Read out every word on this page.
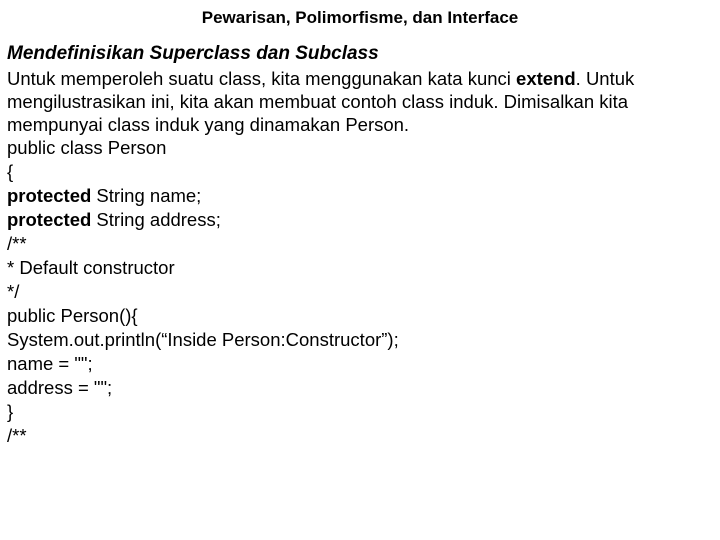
Pewarisan, Polimorfisme, dan Interface
Mendefinisikan Superclass dan Subclass
Untuk memperoleh suatu class, kita menggunakan kata kunci extend. Untuk
mengilustrasikan ini, kita akan membuat contoh class induk. Dimisalkan kita
mempunyai class induk yang dinamakan Person.
public class Person
{
protected String name;
protected String address;
/**
* Default constructor
*/
public Person(){
System.out.println(“Inside Person:Constructor”);
name = "";
address = "";
}
/**
